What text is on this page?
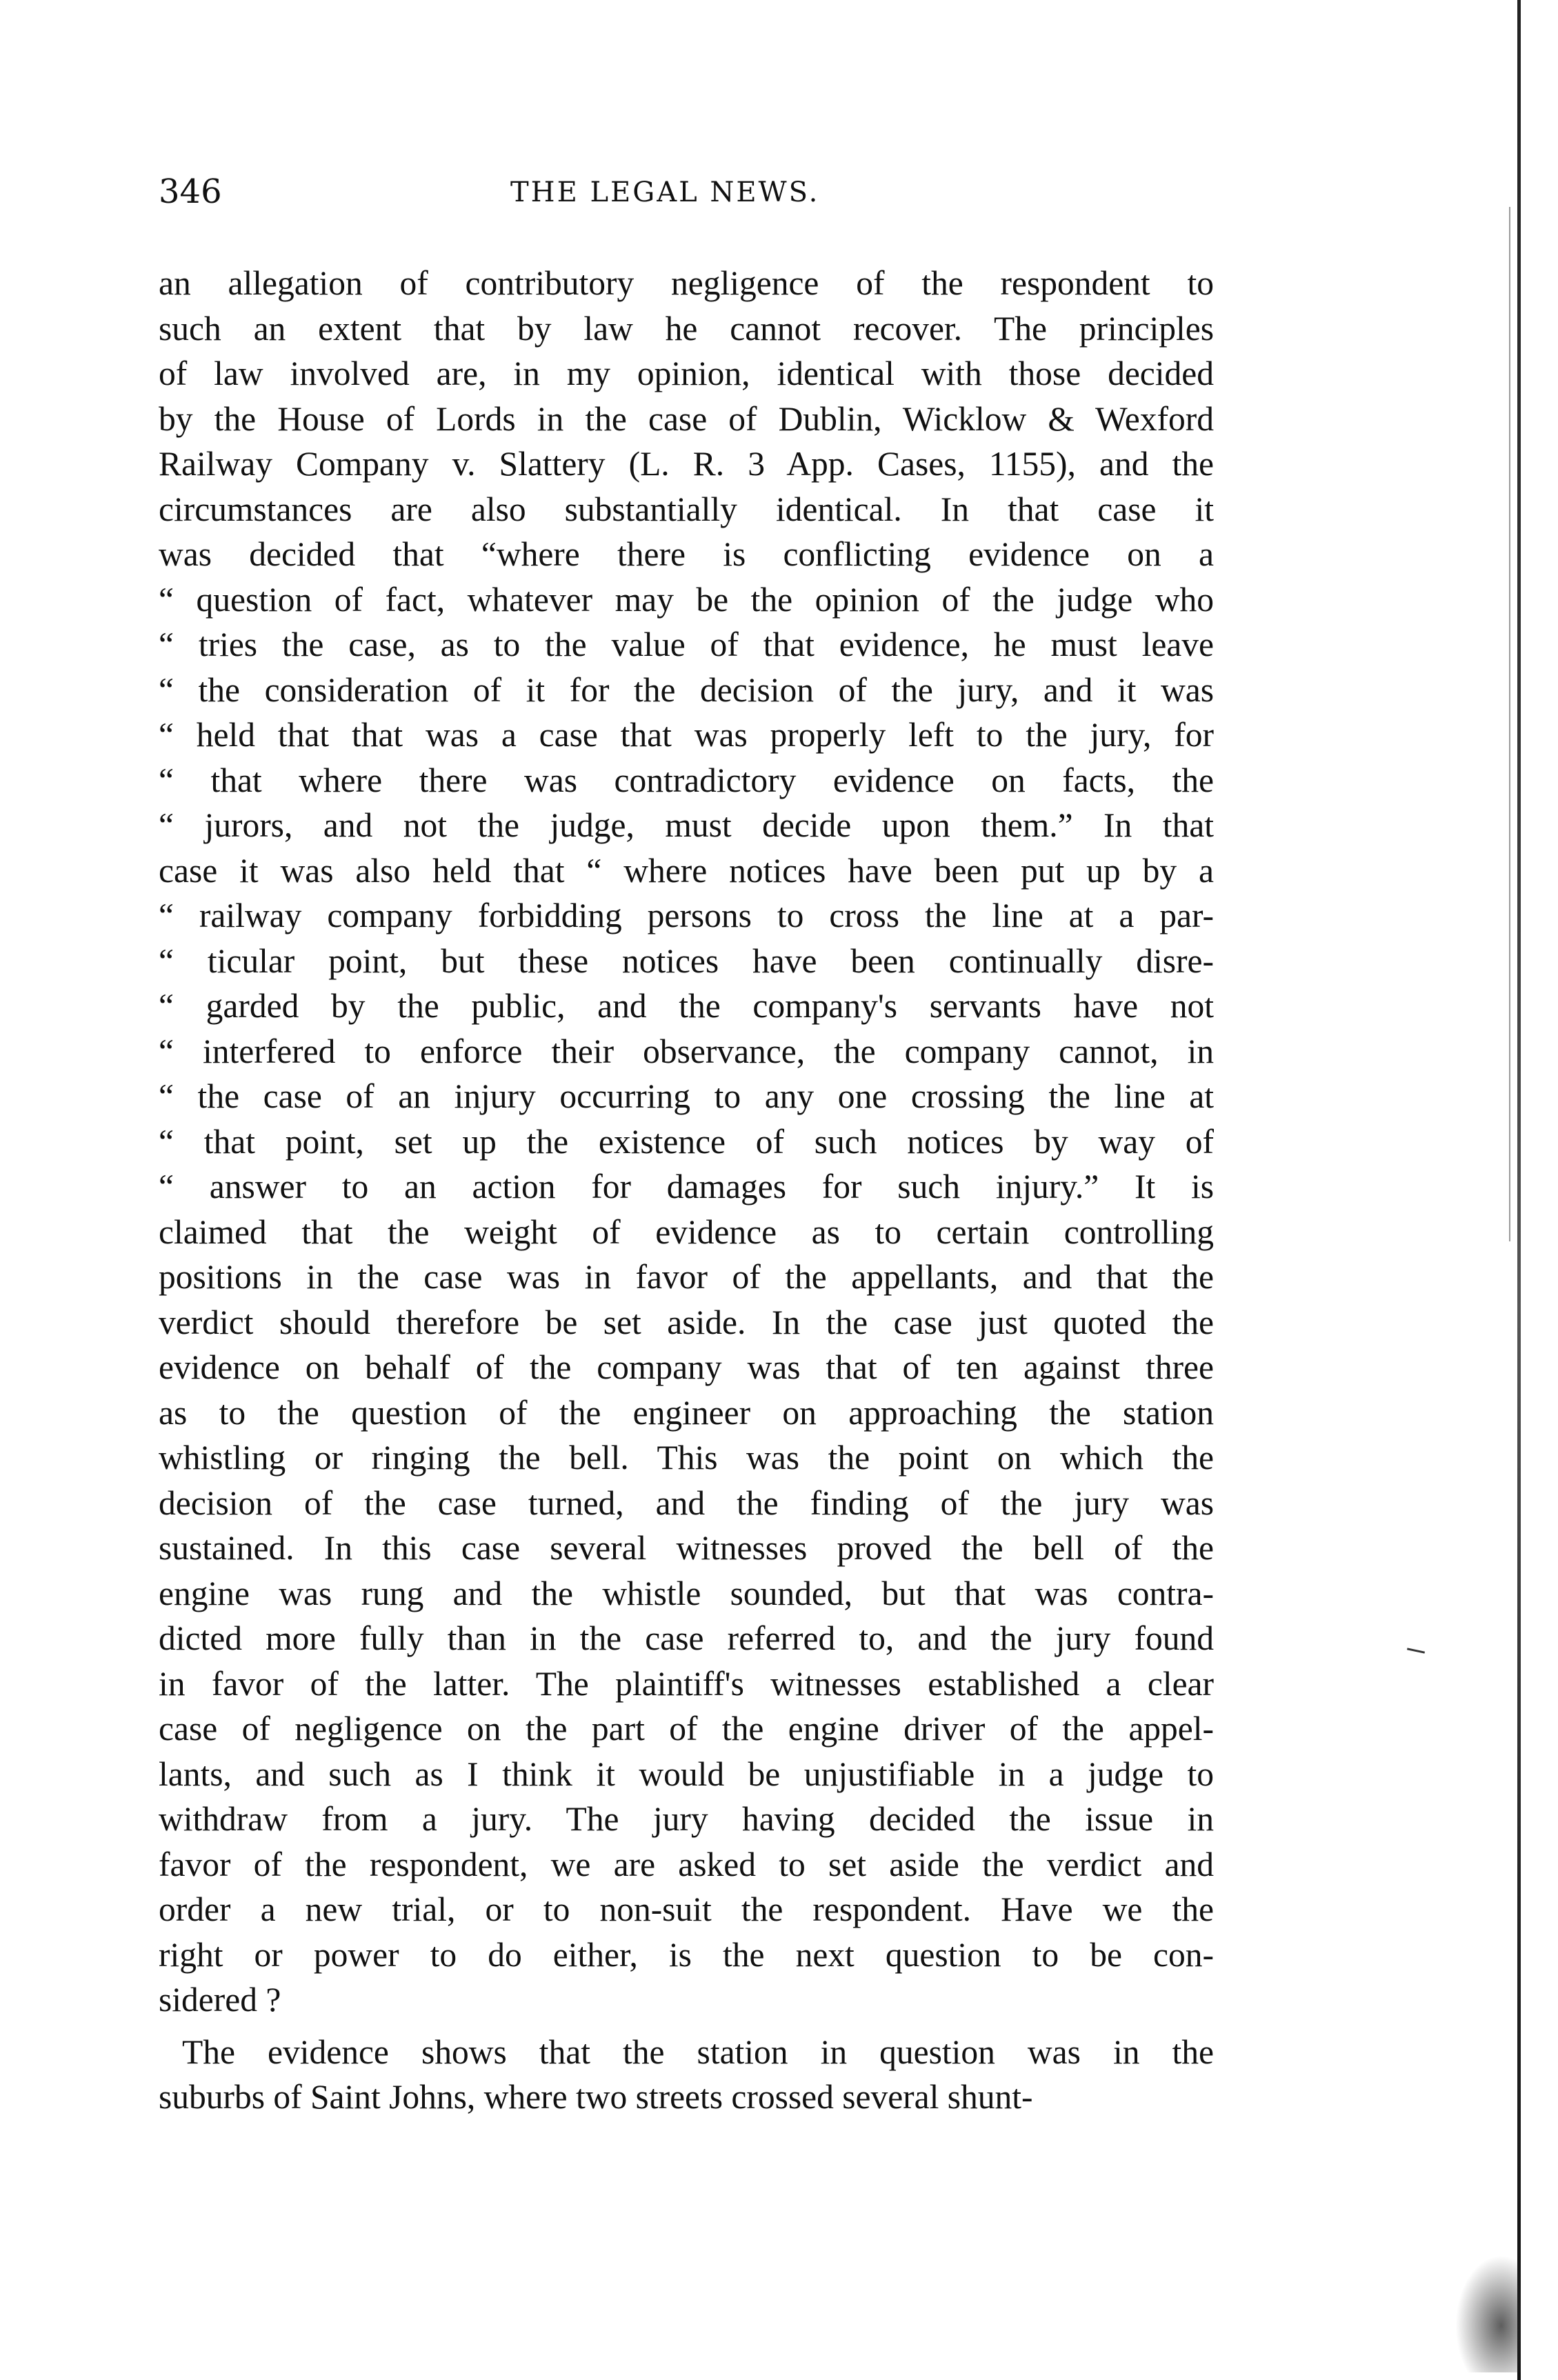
346	THE LEGAL NEWS.
an allegation of contributory negligence of the respondent to
such an extent that by law he cannot recover. The principles
of law involved are, in my opinion, identical with those decided
by the House of Lords in the case of Dublin, Wicklow & Wexford
Railway Company v. Slattery (L. R. 3 App. Cases, 1155), and the
circumstances are also substantially identical. In that case it
was decided that “where there is conflicting evidence on a
“ question of fact, whatever may be the opinion of the judge who
“ tries the case, as to the value of that evidence, he must leave
“ the consideration of it for the decision of the jury, and it was
“ held that that was a case that was properly left to the jury, for
“ that where there was contradictory evidence on facts, the
“ jurors, and not the judge, must decide upon them.” In that
case it was also held that “ where notices have been put up by a
“ railway company forbidding persons to cross the line at a par-
“ ticular point, but these notices have been continually disre-
“ garded by the public, and the company's servants have not
“ interfered to enforce their observance, the company cannot, in
“ the case of an injury occurring to any one crossing the line at
“ that point, set up the existence of such notices by way of
“ answer to an action for damages for such injury.” It is
claimed that the weight of evidence as to certain controlling
positions in the case was in favor of the appellants, and that the
verdict should therefore be set aside. In the case just quoted the
evidence on behalf of the company was that of ten against three
as to the question of the engineer on approaching the station
whistling or ringing the bell. This was the point on which the
decision of the case turned, and the finding of the jury was
sustained. In this case several witnesses proved the bell of the
engine was rung and the whistle sounded, but that was contra-
dicted more fully than in the case referred to, and the jury found
in favor of the latter. The plaintiff's witnesses established a clear
case of negligence on the part of the engine driver of the appel-
lants, and such as I think it would be unjustifiable in a judge to
withdraw from a jury. The jury having decided the issue in
favor of the respondent, we are asked to set aside the verdict and
order a new trial, or to non-suit the respondent. Have we the
right or power to do either, is the next question to be con-
sidered ?
The evidence shows that the station in question was in the
suburbs of Saint Johns, where two streets crossed several shunt-
